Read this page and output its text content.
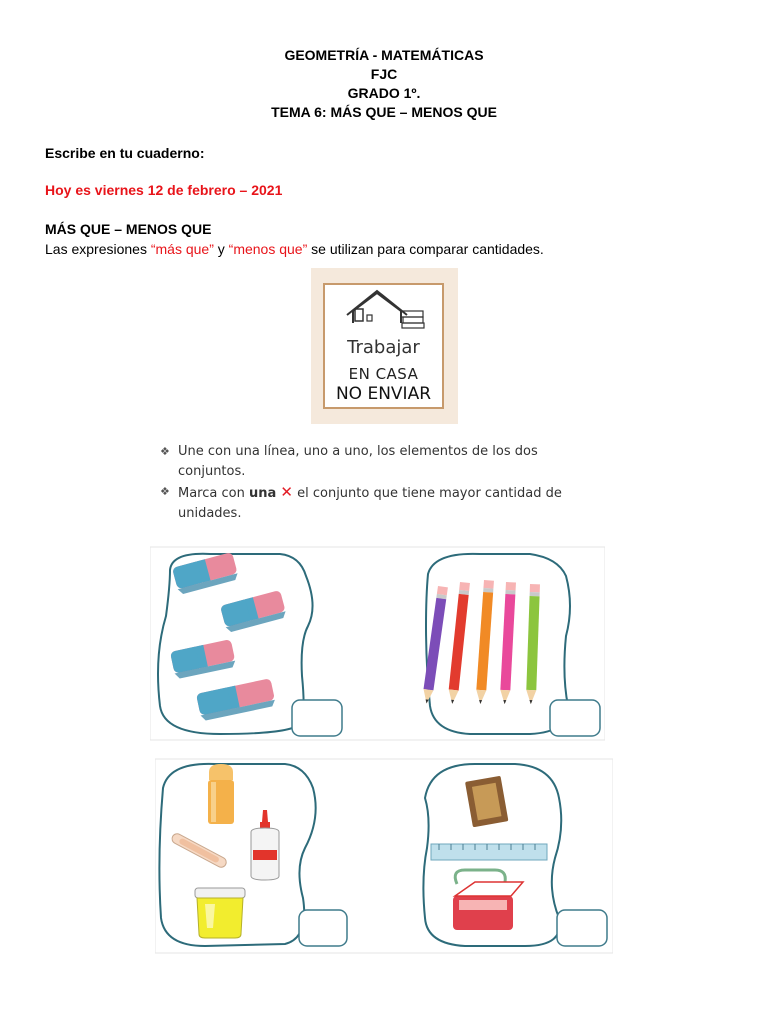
GEOMETRÍA - MATEMÁTICAS
FJC
GRADO 1º.
TEMA 6: MÁS QUE – MENOS QUE
Escribe en tu cuaderno:
Hoy es viernes 12 de febrero – 2021
MÁS QUE – MENOS QUE
Las expresiones “más que” y “menos que” se utilizan para comparar cantidades.
Trabajar
EN CASA
NO ENVIAR
❖ Une con una línea, uno a uno, los elementos de los dos conjuntos.
❖ Marca con una ✕ el conjunto que tiene mayor cantidad de unidades.
